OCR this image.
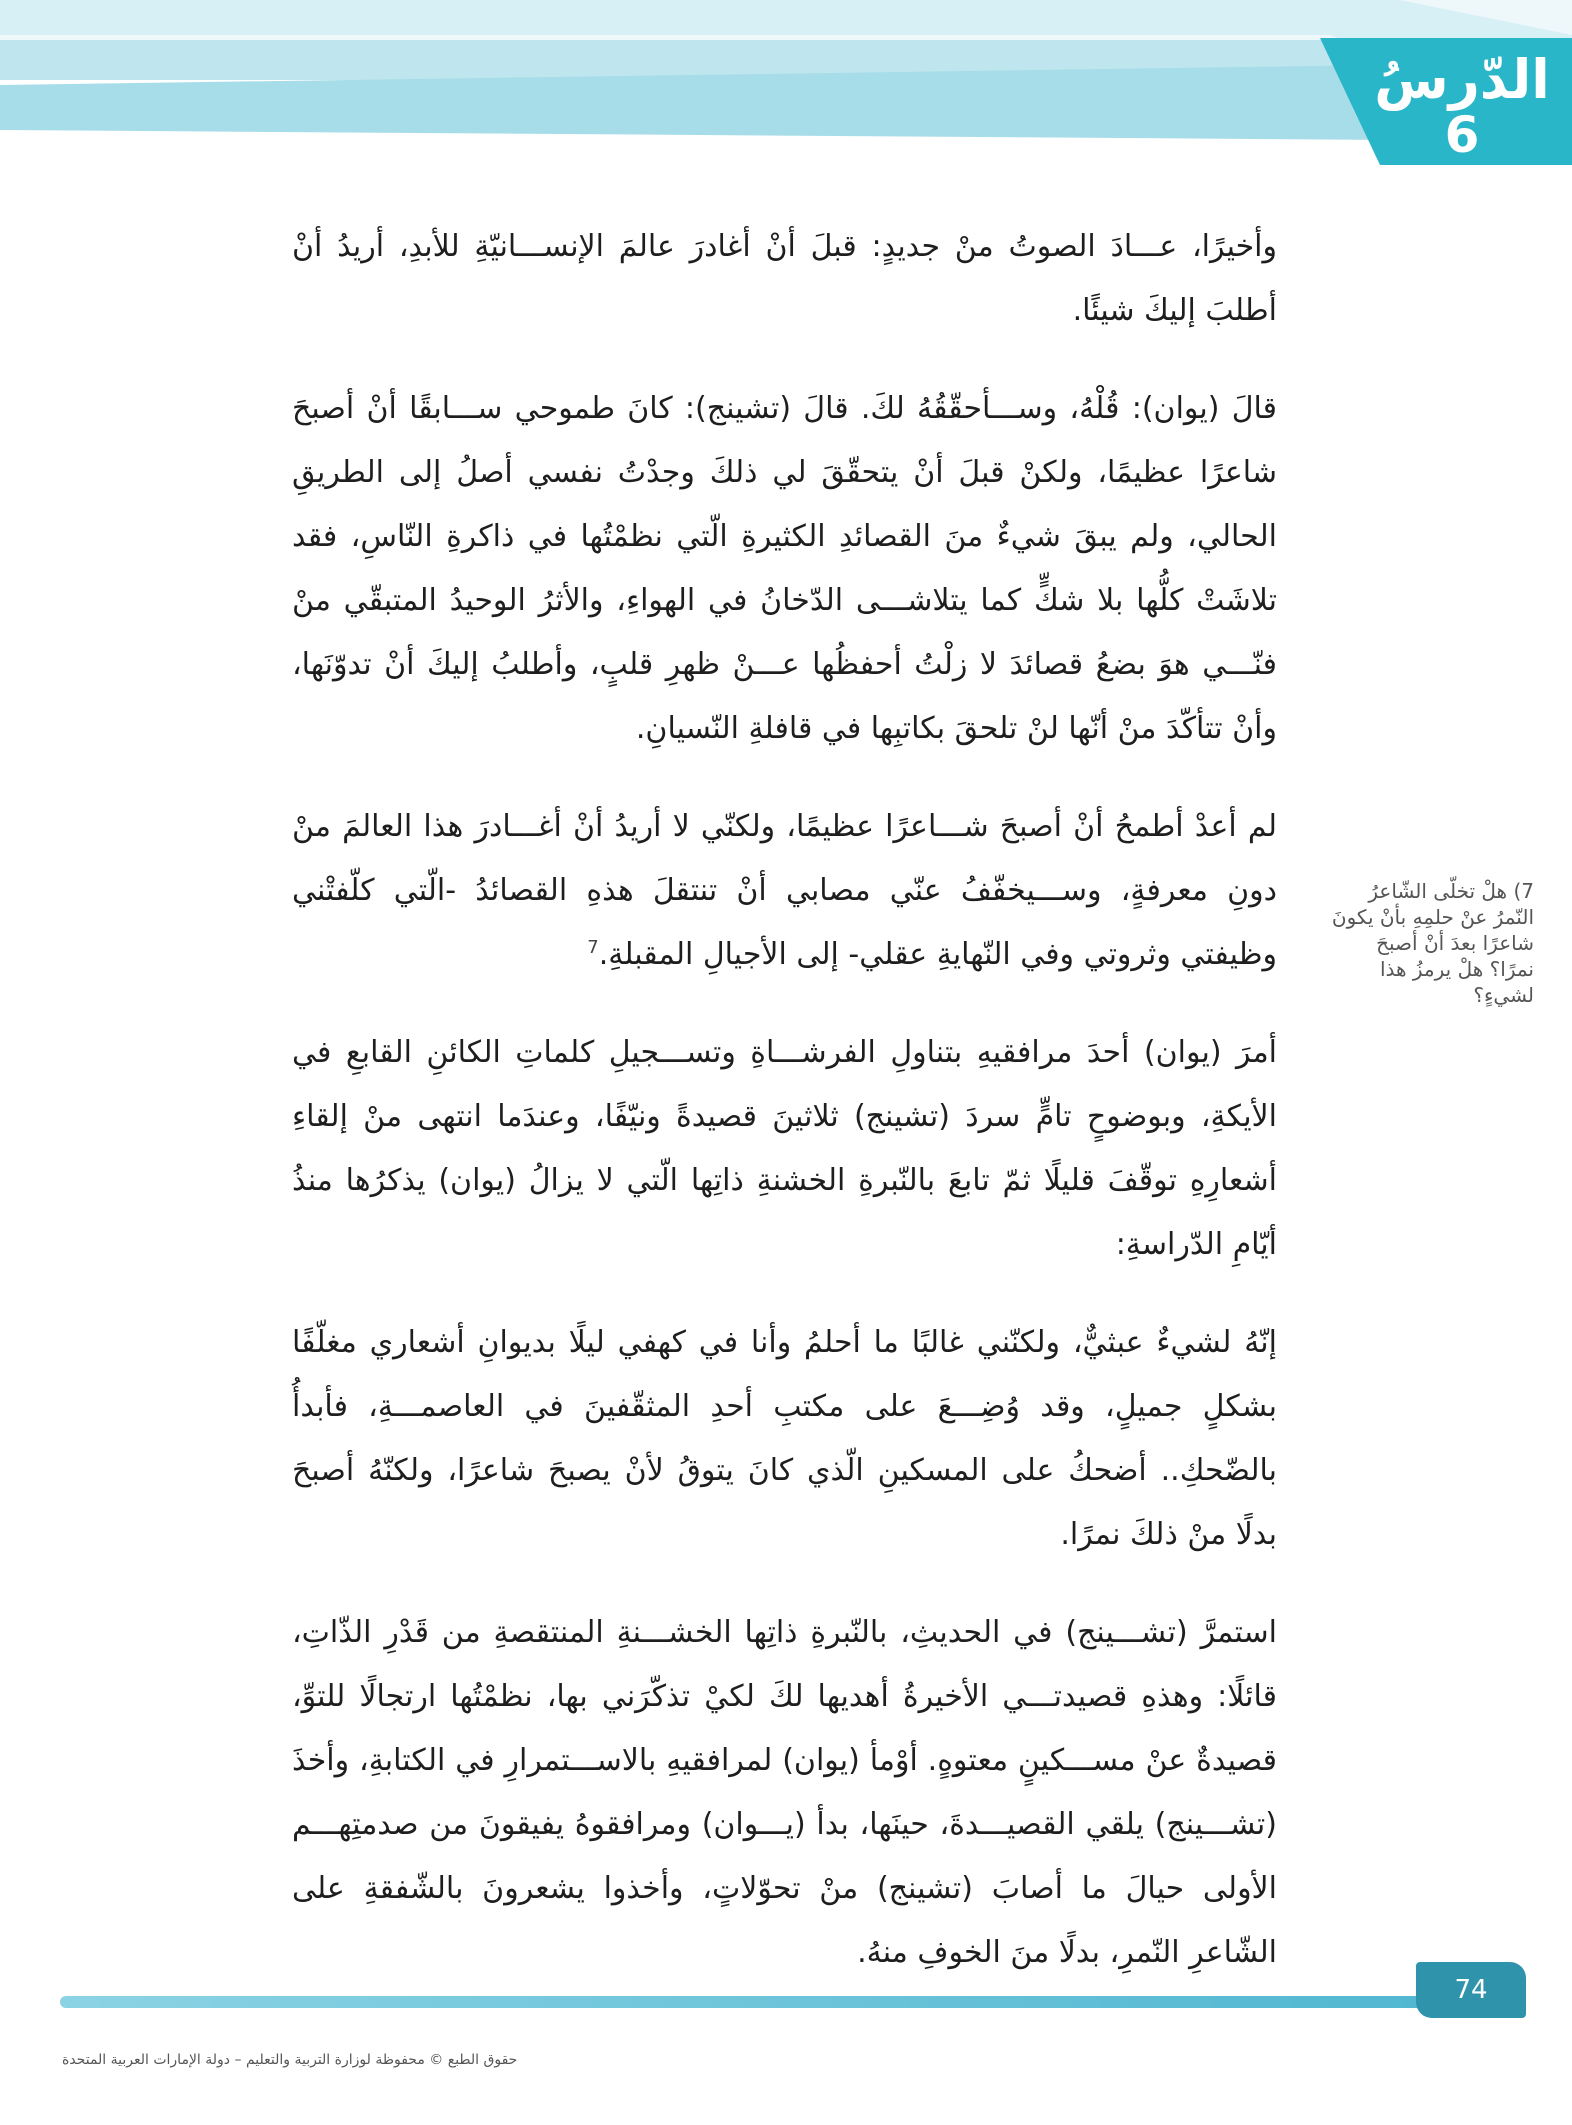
الدّرسُ
6

وأخيرًا، عـــادَ الصوتُ منْ جديدٍ: قبلَ أنْ أغادرَ عالمَ الإنســـانيّةِ للأبدِ، أريدُ أنْ أطلبَ إليكَ شيئًا.

قالَ (يوان): قُلْهُ، وســـأحقّقُهُ لكَ. قالَ (تشينج): كانَ طموحي ســـابقًا أنْ أصبحَ شاعرًا عظيمًا، ولكنْ قبلَ أنْ يتحقّقَ لي ذلكَ وجدْتُ نفسي أصلُ إلى الطريقِ الحالي، ولم يبقَ شيءٌ منَ القصائدِ الكثيرةِ الّتي نظمْتُها في ذاكرةِ النّاسِ، فقد تلاشَتْ كلُّها بلا شكٍّ كما يتلاشـــى الدّخانُ في الهواءِ، والأثرُ الوحيدُ المتبقّي منْ فنّـــي هوَ بضعُ قصائدَ لا زلْتُ أحفظُها عـــنْ ظهرِ قلبٍ، وأطلبُ إليكَ أنْ تدوّنَها، وأنْ تتأكّدَ منْ أنّها لنْ تلحقَ بكاتبِها في قافلةِ النّسيانِ.

لم أعدْ أطمحُ أنْ أصبحَ شـــاعرًا عظيمًا، ولكنّي لا أريدُ أنْ أغـــادرَ هذا العالمَ منْ دونِ معرفةٍ، وســـيخفّفُ عنّي مصابي أنْ تنتقلَ هذهِ القصائدُ -الّتي كلّفتْني وظيفتي وثروتي وفي النّهايةِ عقلي- إلى الأجيالِ المقبلةِ.$^7$

أمرَ (يوان) أحدَ مرافقيهِ بتناولِ الفرشـــاةِ وتســـجيلِ كلماتِ الكائنِ القابعِ في الأيكةِ، وبوضوحٍ تامٍّ سردَ (تشينج) ثلاثينَ قصيدةً ونيّفًا، وعندَما انتهى منْ إلقاءِ أشعارِهِ توقّفَ قليلًا ثمّ تابعَ بالنّبرةِ الخشنةِ ذاتِها الّتي لا يزالُ (يوان) يذكرُها منذُ أيّامِ الدّراسةِ:

إنّهُ لشيءٌ عبثيٌّ، ولكنّني غالبًا ما أحلمُ وأنا في كهفي ليلًا بديوانِ أشعاري مغلّفًا بشكلٍ جميلٍ، وقد وُضِـــعَ على مكتبِ أحدِ المثقّفينَ في العاصمـــةِ، فأبدأُ بالضّحكِ.. أضحكُ على المسكينِ الّذي كانَ يتوقُ لأنْ يصبحَ شاعرًا، ولكنّهُ أصبحَ بدلًا منْ ذلكَ نمرًا.

استمرَّ (تشـــينج) في الحديثِ، بالنّبرةِ ذاتِها الخشـــنةِ المنتقصةِ من قَدْرِ الذّاتِ، قائلًا: وهذهِ قصيدتـــي الأخيرةُ أهديها لكَ لكيْ تذكّرَني بها، نظمْتُها ارتجالًا للتوِّ، قصيدةٌ عنْ مســـكينٍ معتوهٍ. أوْمأ (يوان) لمرافقيهِ بالاســـتمرارِ في الكتابةِ، وأخذَ (تشـــينج) يلقي القصيـــدةَ، حينَها، بدأ (يـــوان) ومرافقوهُ يفيقونَ من صدمتِهـــم الأولى حيالَ ما أصابَ (تشينج) منْ تحوّلاتٍ، وأخذوا يشعرونَ بالشّفقةِ على الشّاعرِ النّمرِ، بدلًا منَ الخوفِ منهُ.

7) هلْ تخلّى الشّاعرُ النّمرُ عنْ حلمِهِ بأنْ يكونَ شاعرًا بعدَ أنْ أصبحَ نمرًا؟ هلْ يرمزُ هذا لشيءٍ؟
74
حقوق الطبع © محفوظة لوزارة التربية والتعليم – دولة الإمارات العربية المتحدة
